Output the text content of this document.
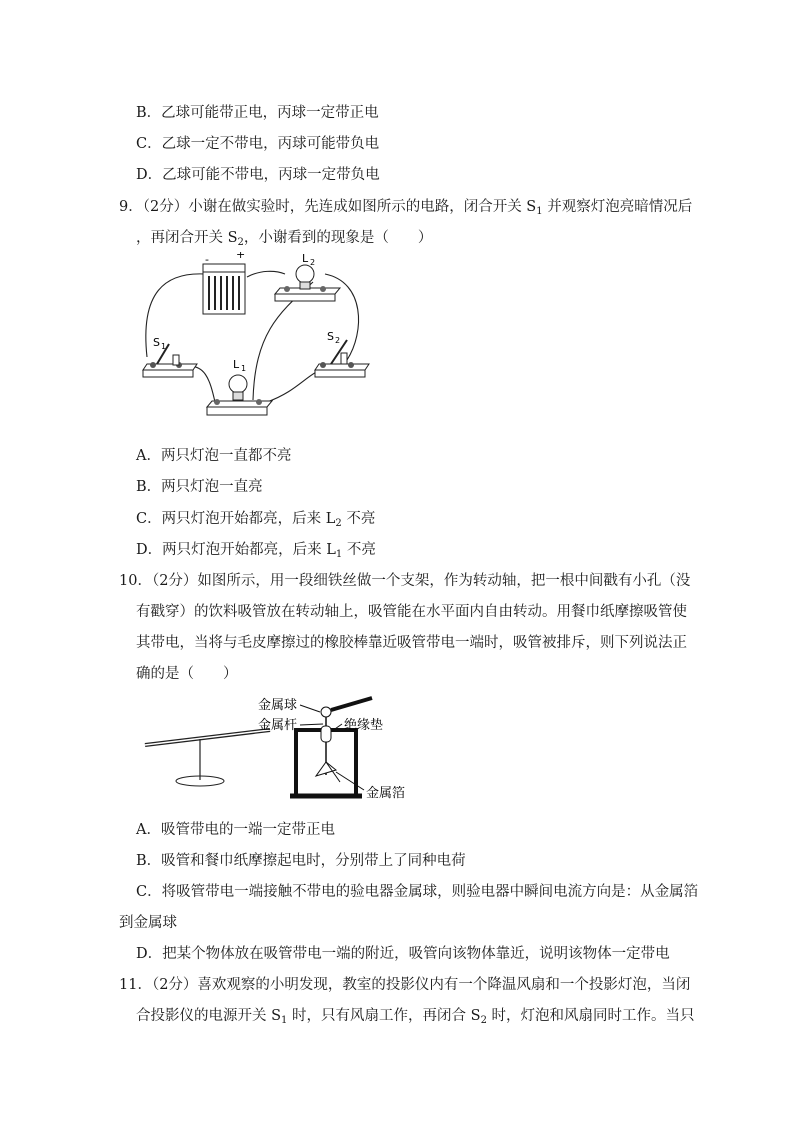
B．乙球可能带正电，丙球一定带正电
C．乙球一定不带电，丙球可能带负电
D．乙球可能不带电，丙球一定带负电
9．（2分）小谢在做实验时，先连成如图所示的电路，闭合开关 $S_1$ 并观察灯泡亮暗情况后
，再闭合开关 $S_2$，小谢看到的现象是（　　）
- +	L 2
S 1
S 2
L 1
A．两只灯泡一直都不亮
B．两只灯泡一直亮
C．两只灯泡开始都亮，后来 $L_2$ 不亮
D．两只灯泡开始都亮，后来 $L_1$ 不亮
10．（2分）如图所示，用一段细铁丝做一个支架，作为转动轴，把一根中间戳有小孔（没
有戳穿）的饮料吸管放在转动轴上，吸管能在水平面内自由转动。用餐巾纸摩擦吸管使
其带电，当将与毛皮摩擦过的橡胶棒靠近吸管带电一端时，吸管被排斥，则下列说法正
确的是（　　）
金属球
金属杆	绝缘垫
金属箔
A．吸管带电的一端一定带正电
B．吸管和餐巾纸摩擦起电时，分别带上了同种电荷
C．将吸管带电一端接触不带电的验电器金属球，则验电器中瞬间电流方向是：从金属箔
到金属球
D．把某个物体放在吸管带电一端的附近，吸管向该物体靠近，说明该物体一定带电
11．（2分）喜欢观察的小明发现，教室的投影仪内有一个降温风扇和一个投影灯泡，当闭
合投影仪的电源开关 $S_1$ 时，只有风扇工作，再闭合 $S_2$ 时，灯泡和风扇同时工作。当只
